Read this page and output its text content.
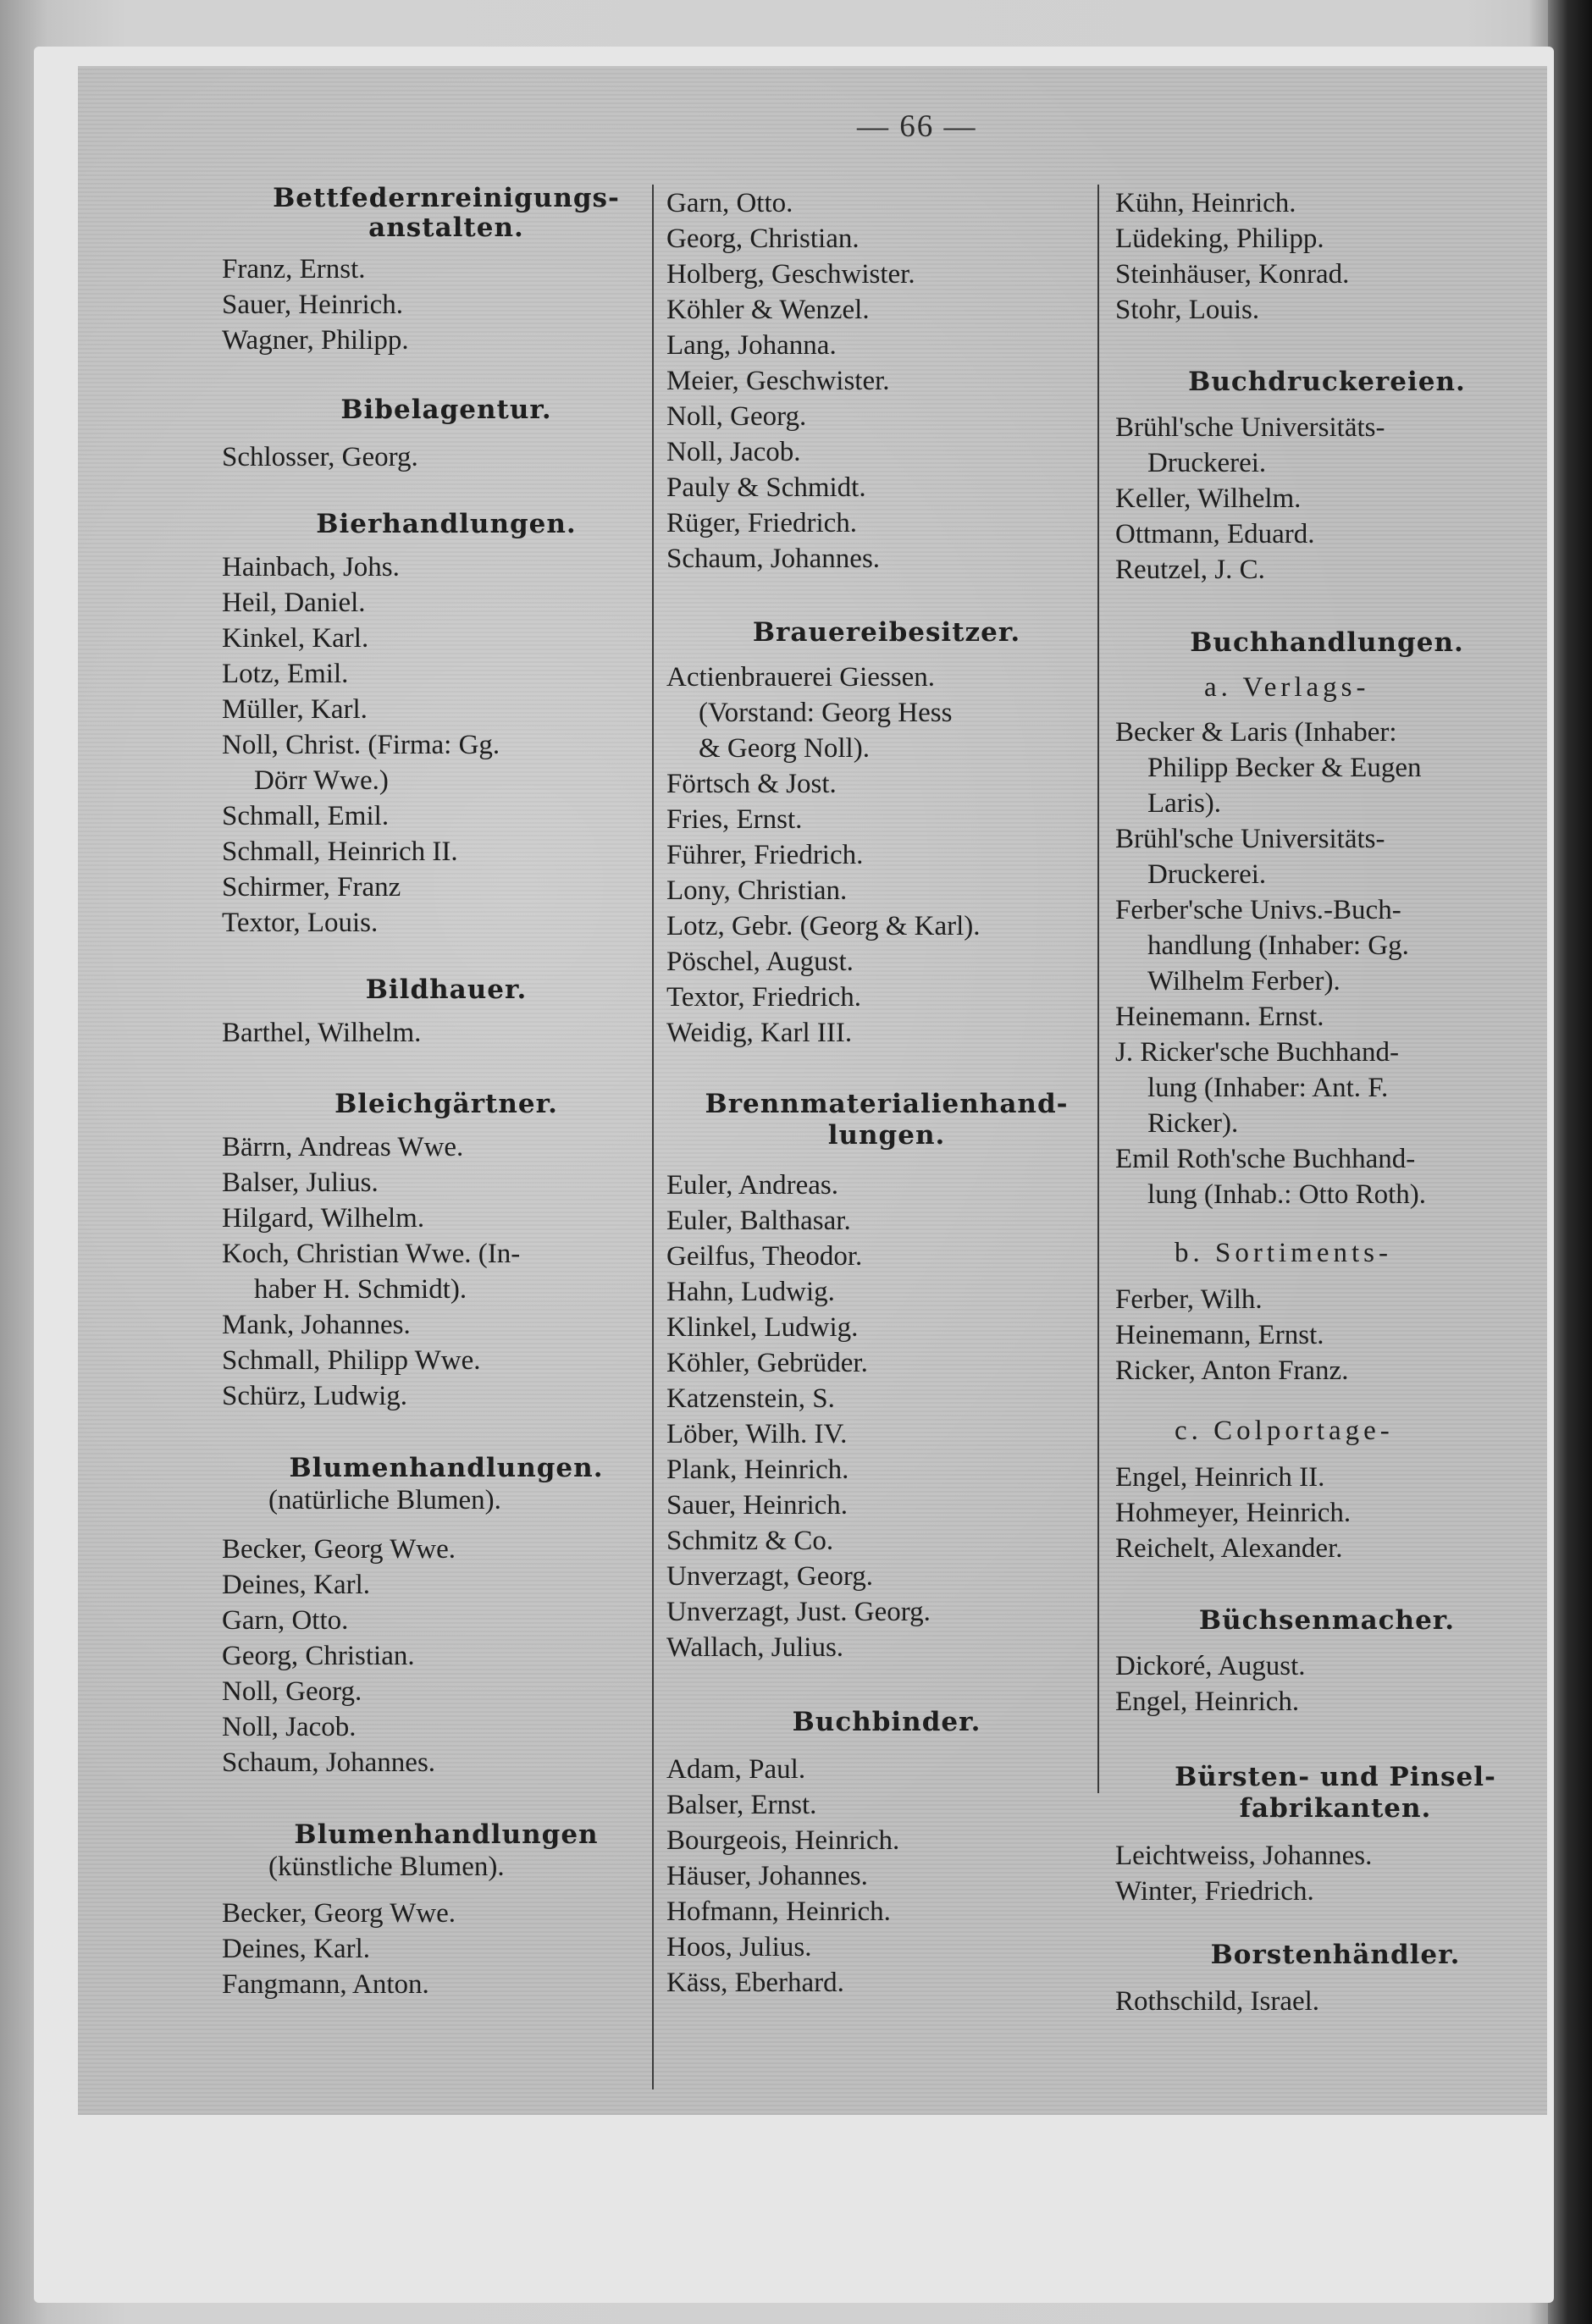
— 66 —
Bettfedernreinigungs-
anstalten.
Franz, Ernst.
Sauer, Heinrich.
Wagner, Philipp.
Bibelagentur.
Schlosser, Georg.
Bierhandlungen.
Hainbach, Johs.
Heil, Daniel.
Kinkel, Karl.
Lotz, Emil.
Müller, Karl.
Noll, Christ. (Firma: Gg.
Dörr Wwe.)
Schmall, Emil.
Schmall, Heinrich II.
Schirmer, Franz
Textor, Louis.
Bildhauer.
Barthel, Wilhelm.
Bleichgärtner.
Bärrn, Andreas Wwe.
Balser, Julius.
Hilgard, Wilhelm.
Koch, Christian Wwe. (In-
haber H. Schmidt).
Mank, Johannes.
Schmall, Philipp Wwe.
Schürz, Ludwig.
Blumenhandlungen.
(natürliche Blumen).
Becker, Georg Wwe.
Deines, Karl.
Garn, Otto.
Georg, Christian.
Noll, Georg.
Noll, Jacob.
Schaum, Johannes.
Blumenhandlungen
(künstliche Blumen).
Becker, Georg Wwe.
Deines, Karl.
Fangmann, Anton.
Garn, Otto.
Georg, Christian.
Holberg, Geschwister.
Köhler & Wenzel.
Lang, Johanna.
Meier, Geschwister.
Noll, Georg.
Noll, Jacob.
Pauly & Schmidt.
Rüger, Friedrich.
Schaum, Johannes.
Brauereibesitzer.
Actienbrauerei Giessen.
(Vorstand: Georg Hess
& Georg Noll).
Förtsch & Jost.
Fries, Ernst.
Führer, Friedrich.
Lony, Christian.
Lotz, Gebr. (Georg & Karl).
Pöschel, August.
Textor, Friedrich.
Weidig, Karl III.
Brennmaterialienhand-
lungen.
Euler, Andreas.
Euler, Balthasar.
Geilfus, Theodor.
Hahn, Ludwig.
Klinkel, Ludwig.
Köhler, Gebrüder.
Katzenstein, S.
Löber, Wilh. IV.
Plank, Heinrich.
Sauer, Heinrich.
Schmitz & Co.
Unverzagt, Georg.
Unverzagt, Just. Georg.
Wallach, Julius.
Buchbinder.
Adam, Paul.
Balser, Ernst.
Bourgeois, Heinrich.
Häuser, Johannes.
Hofmann, Heinrich.
Hoos, Julius.
Käss, Eberhard.
Kühn, Heinrich.
Lüdeking, Philipp.
Steinhäuser, Konrad.
Stohr, Louis.
Buchdruckereien.
Brühl'sche Universitäts-
Druckerei.
Keller, Wilhelm.
Ottmann, Eduard.
Reutzel, J. C.
Buchhandlungen.
a. Verlags-
Becker & Laris (Inhaber:
Philipp Becker & Eugen
Laris).
Brühl'sche Universitäts-
Druckerei.
Ferber'sche Univs.-Buch-
handlung (Inhaber: Gg.
Wilhelm Ferber).
Heinemann. Ernst.
J. Ricker'sche Buchhand-
lung (Inhaber: Ant. F.
Ricker).
Emil Roth'sche Buchhand-
lung (Inhab.: Otto Roth).
b. Sortiments-
Ferber, Wilh.
Heinemann, Ernst.
Ricker, Anton Franz.
c. Colportage-
Engel, Heinrich II.
Hohmeyer, Heinrich.
Reichelt, Alexander.
Büchsenmacher.
Dickoré, August.
Engel, Heinrich.
Bürsten- und Pinsel-
fabrikanten.
Leichtweiss, Johannes.
Winter, Friedrich.
Borstenhändler.
Rothschild, Israel.
